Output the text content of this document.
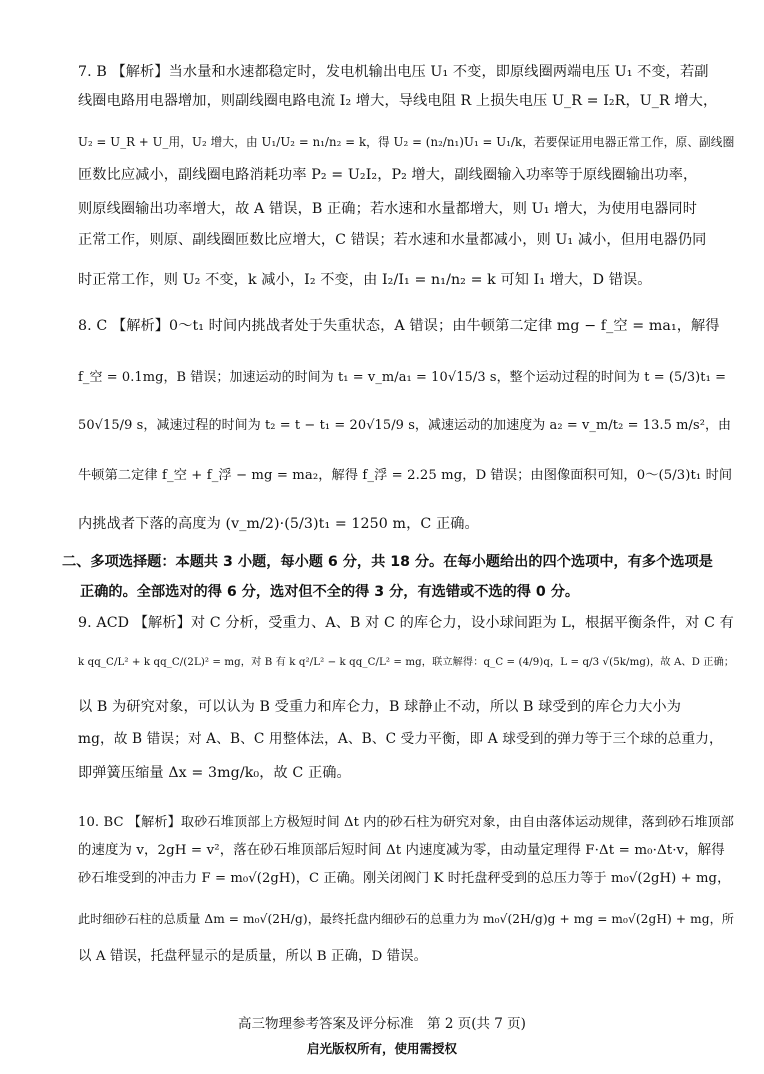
7. B 【解析】当水量和水速都稳定时，发电机输出电压 U₁ 不变，即原线圈两端电压 U₁ 不变，若副
线圈电路用电器增加，则副线圈电路电流 I₂ 增大，导线电阻 R 上损失电压 U_R = I₂R，U_R 增大，
U₂ = U_R + U_用，U₂ 增大，由 U₁/U₂ = n₁/n₂ = k，得 U₂ = (n₂/n₁)U₁ = U₁/k，若要保证用电器正常工作，原、副线圈
匝数比应减小，副线圈电路消耗功率 P₂ = U₂I₂，P₂ 增大，副线圈输入功率等于原线圈输出功率，
则原线圈输出功率增大，故 A 错误，B 正确；若水速和水量都增大，则 U₁ 增大，为使用电器同时
正常工作，则原、副线圈匝数比应增大，C 错误；若水速和水量都减小，则 U₁ 减小，但用电器仍同
时正常工作，则 U₂ 不变，k 减小，I₂ 不变，由 I₂/I₁ = n₁/n₂ = k 可知 I₁ 增大，D 错误。
8. C 【解析】0～t₁ 时间内挑战者处于失重状态，A 错误；由牛顿第二定律 mg − f_空 = ma₁，解得
f_空 = 0.1mg，B 错误；加速运动的时间为 t₁ = v_m/a₁ = 10√15/3 s，整个运动过程的时间为 t = (5/3)t₁ =
50√15/9 s，减速过程的时间为 t₂ = t − t₁ = 20√15/9 s，减速运动的加速度为 a₂ = v_m/t₂ = 13.5 m/s²，由
牛顿第二定律 f_空 + f_浮 − mg = ma₂，解得 f_浮 = 2.25 mg，D 错误；由图像面积可知，0～(5/3)t₁ 时间
内挑战者下落的高度为 (v_m/2)·(5/3)t₁ = 1250 m，C 正确。
二、多项选择题：本题共 3 小题，每小题 6 分，共 18 分。在每小题给出的四个选项中，有多个选项是
正确的。全部选对的得 6 分，选对但不全的得 3 分，有选错或不选的得 0 分。
9. ACD 【解析】对 C 分析，受重力、A、B 对 C 的库仑力，设小球间距为 L，根据平衡条件，对 C 有
k qq_C/L² + k qq_C/(2L)² = mg，对 B 有 k q²/L² − k qq_C/L² = mg，联立解得：q_C = (4/9)q，L = q/3 √(5k/mg)，故 A、D 正确；
以 B 为研究对象，可以认为 B 受重力和库仑力，B 球静止不动，所以 B 球受到的库仑力大小为
mg，故 B 错误；对 A、B、C 用整体法，A、B、C 受力平衡，即 A 球受到的弹力等于三个球的总重力，
即弹簧压缩量 Δx = 3mg/k₀，故 C 正确。
10. BC 【解析】取砂石堆顶部上方极短时间 Δt 内的砂石柱为研究对象，由自由落体运动规律，落到砂石堆顶部
的速度为 v，2gH = v²，落在砂石堆顶部后短时间 Δt 内速度减为零，由动量定理得 F·Δt = m₀·Δt·v，解得
砂石堆受到的冲击力 F = m₀√(2gH)，C 正确。刚关闭阀门 K 时托盘秤受到的总压力等于 m₀√(2gH) + mg，
此时细砂石柱的总质量 Δm = m₀√(2H/g)，最终托盘内细砂石的总重力为 m₀√(2H/g)g + mg = m₀√(2gH) + mg，所
以 A 错误，托盘秤显示的是质量，所以 B 正确，D 错误。
高三物理参考答案及评分标准　第 2 页(共 7 页)
启光版权所有，使用需授权
